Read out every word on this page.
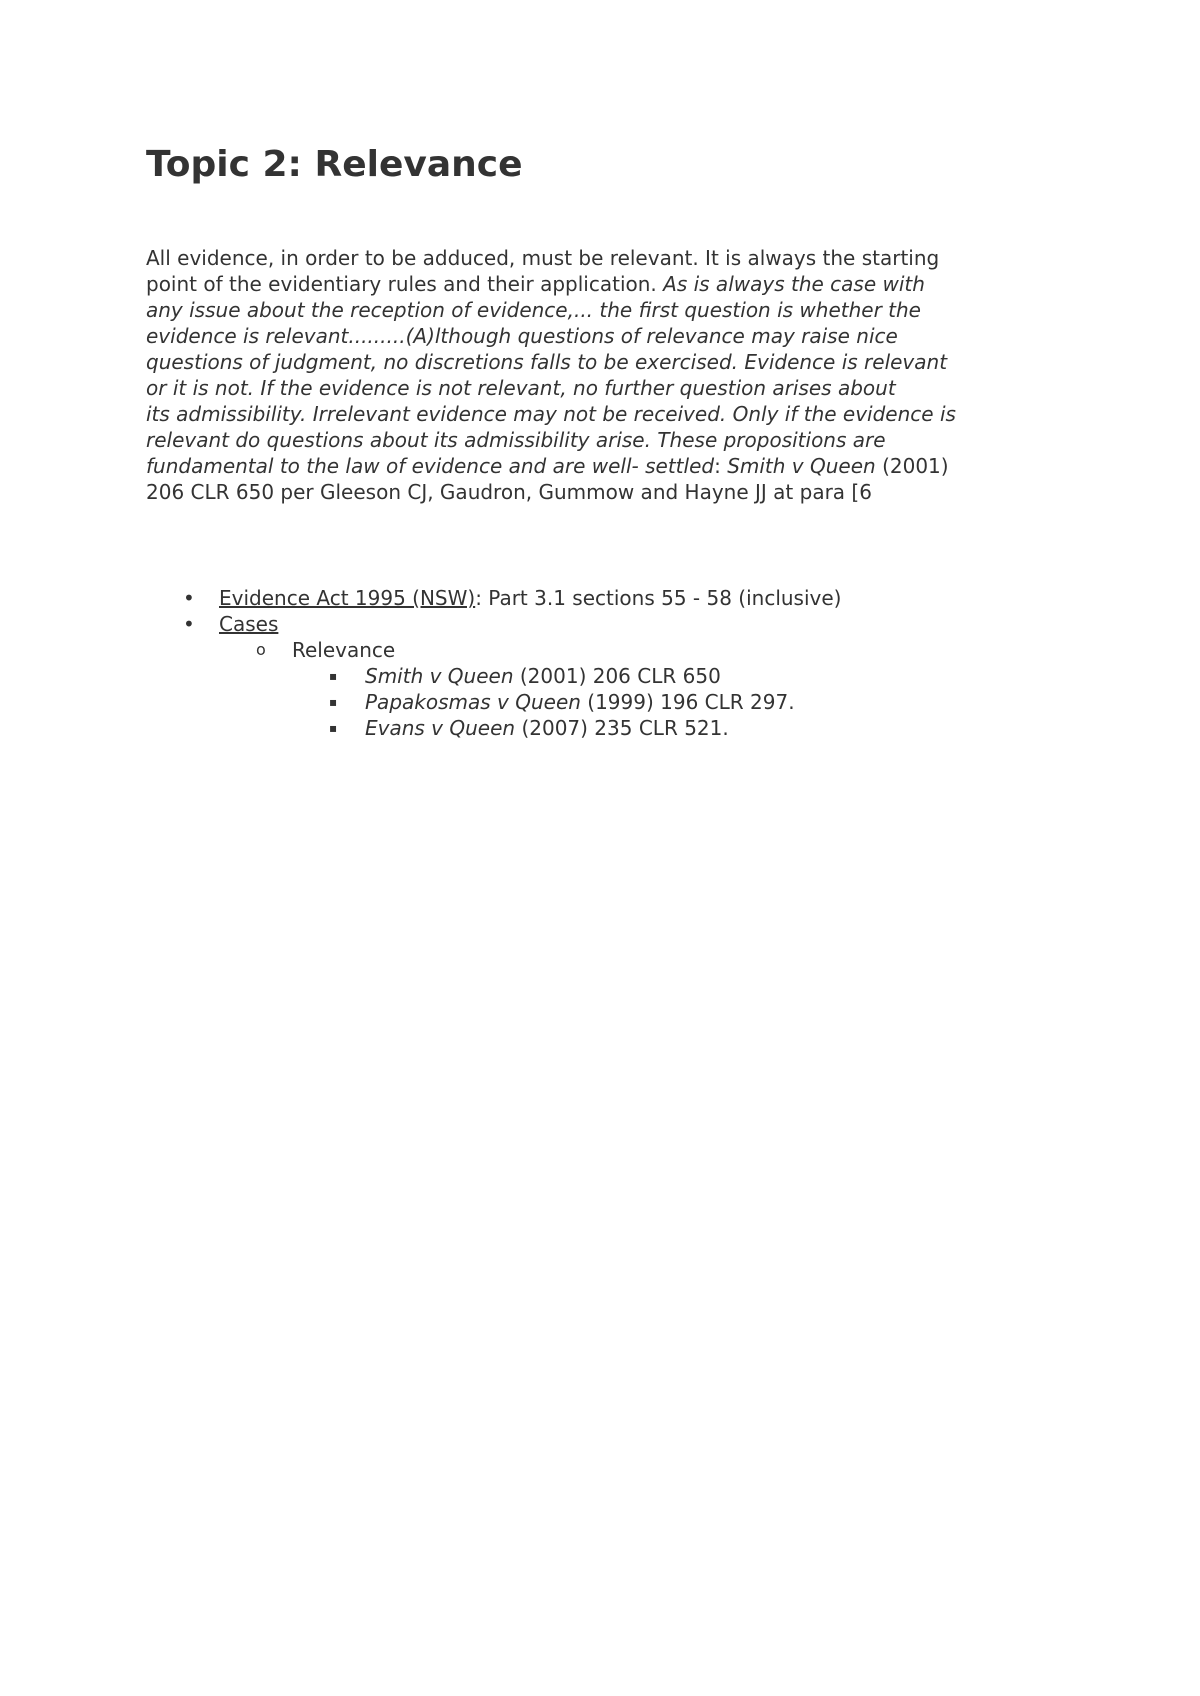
Topic 2: Relevance
All evidence, in order to be adduced, must be relevant. It is always the starting
point of the evidentiary rules and their application. As is always the case with
any issue about the reception of evidence,... the first question is whether the
evidence is relevant.........(A)lthough questions of relevance may raise nice
questions of judgment, no discretions falls to be exercised. Evidence is relevant
or it is not. If the evidence is not relevant, no further question arises about
its admissibility. Irrelevant evidence may not be received. Only if the evidence is
relevant do questions about its admissibility arise. These propositions are
fundamental to the law of evidence and are well- settled: Smith v Queen (2001)
206 CLR 650 per Gleeson CJ, Gaudron, Gummow and Hayne JJ at para [6
• Evidence Act 1995 (NSW): Part 3.1 sections 55 - 58 (inclusive)
• Cases
o Relevance
▪ Smith v Queen (2001) 206 CLR 650
▪ Papakosmas v Queen (1999) 196 CLR 297.
▪ Evans v Queen (2007) 235 CLR 521.
